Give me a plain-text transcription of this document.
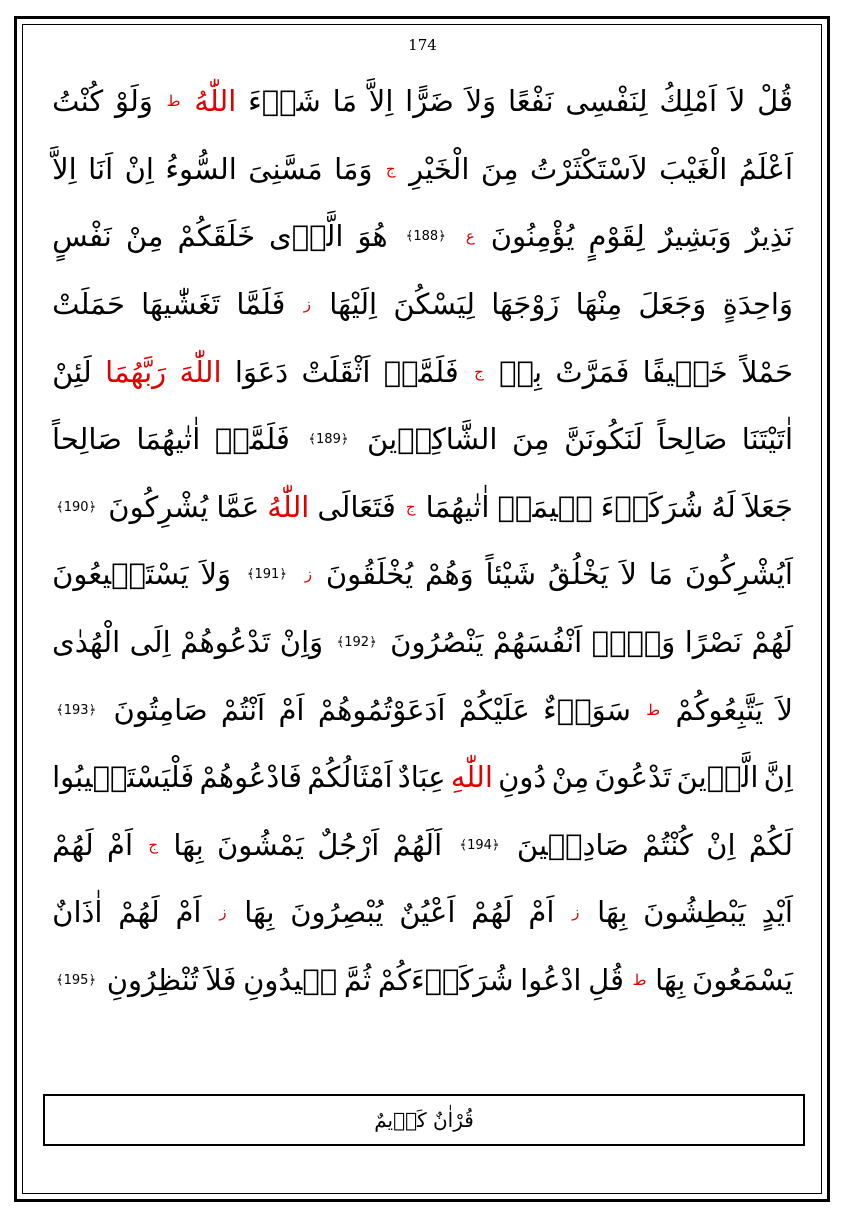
174
قُلْ
لاَ
اَمْلِكُ
لِنَفْسِى
نَفْعًا
وَلاَ
ضَرًّا
اِلاَّ
مَا
شَاۤءَ
اللّٰهُ
ط
وَلَوْ
كُنْتُ
اَعْلَمُ
الْغَيْبَ
لاَسْتَكْثَرْتُ
مِنَ
الْخَيْرِ
ج
وَمَا
مَسَّنِىَ
السُّوءُ
اِنْ
اَنَا
اِلاَّ
نَذِيرٌ
وَبَشِيرٌ
لِقَوْمٍ
يُؤْمِنُونَ
ع
﴿188﴾
هُوَ
الَّذٖى
خَلَقَكُمْ
مِنْ
نَفْسٍ
وَاحِدَةٍ
وَجَعَلَ
مِنْهَا
زَوْجَهَا
لِيَسْكُنَ
اِلَيْهَا
ز
فَلَمَّا
تَغَشّٰيهَا
حَمَلَتْ
حَمْلاً
خَفٖيفًا
فَمَرَّتْ
بِهٖ
ج
فَلَمَّاۤ
اَثْقَلَتْ
دَعَوَا
اللّٰهَ
رَبَّهُمَا
لَئِنْ
اٰتَيْتَنَا
صَالِحاً
لَنَكُونَنَّ
مِنَ
الشَّاكِرٖينَ
﴿189﴾
فَلَمَّاۤ
اٰتٰيهُمَا
صَالِحاً
جَعَلاَ
لَهُ
شُرَكَاۤءَ
فٖيمَاۤ
اٰتٰيهُمَا
ج
فَتَعَالَى
اللّٰهُ
عَمَّا
يُشْرِكُونَ
﴿190﴾
اَيُشْرِكُونَ
مَا
لاَ
يَخْلُقُ
شَيْئاً
وَهُمْ
يُخْلَقُونَ
ز
﴿191﴾
وَلاَ
يَسْتَطٖيعُونَ
لَهُمْ
نَصْرًا
وَلاَۤ
اَنْفُسَهُمْ
يَنْصُرُونَ
﴿192﴾
وَاِنْ
تَدْعُوهُمْ
اِلَى
الْهُدٰى
لاَ
يَتَّبِعُوكُمْ
ط
سَوَاۤءٌ
عَلَيْكُمْ
اَدَعَوْتُمُوهُمْ
اَمْ
اَنْتُمْ
صَامِتُونَ
﴿193﴾
اِنَّ
الَّذٖينَ
تَدْعُونَ
مِنْ
دُونِ
اللّٰهِ
عِبَادٌ
اَمْثَالُكُمْ
فَادْعُوهُمْ
فَلْيَسْتَجٖيبُوا
لَكُمْ
اِنْ
كُنْتُمْ
صَادِقٖينَ
﴿194﴾
اَلَهُمْ
اَرْجُلٌ
يَمْشُونَ
بِهَا
ج
اَمْ
لَهُمْ
اَيْدٍ
يَبْطِشُونَ
بِهَا
ز
اَمْ
لَهُمْ
اَعْيُنٌ
يُبْصِرُونَ
بِهَا
ز
اَمْ
لَهُمْ
اٰذَانٌ
يَسْمَعُونَ
بِهَا
ط
قُلِ
ادْعُوا
شُرَكَاۤءَكُمْ
ثُمَّ
كٖيدُونِ
فَلاَ
تُنْظِرُونِ
﴿195﴾
قُرْاٰنٌ كَرٖيمٌ
